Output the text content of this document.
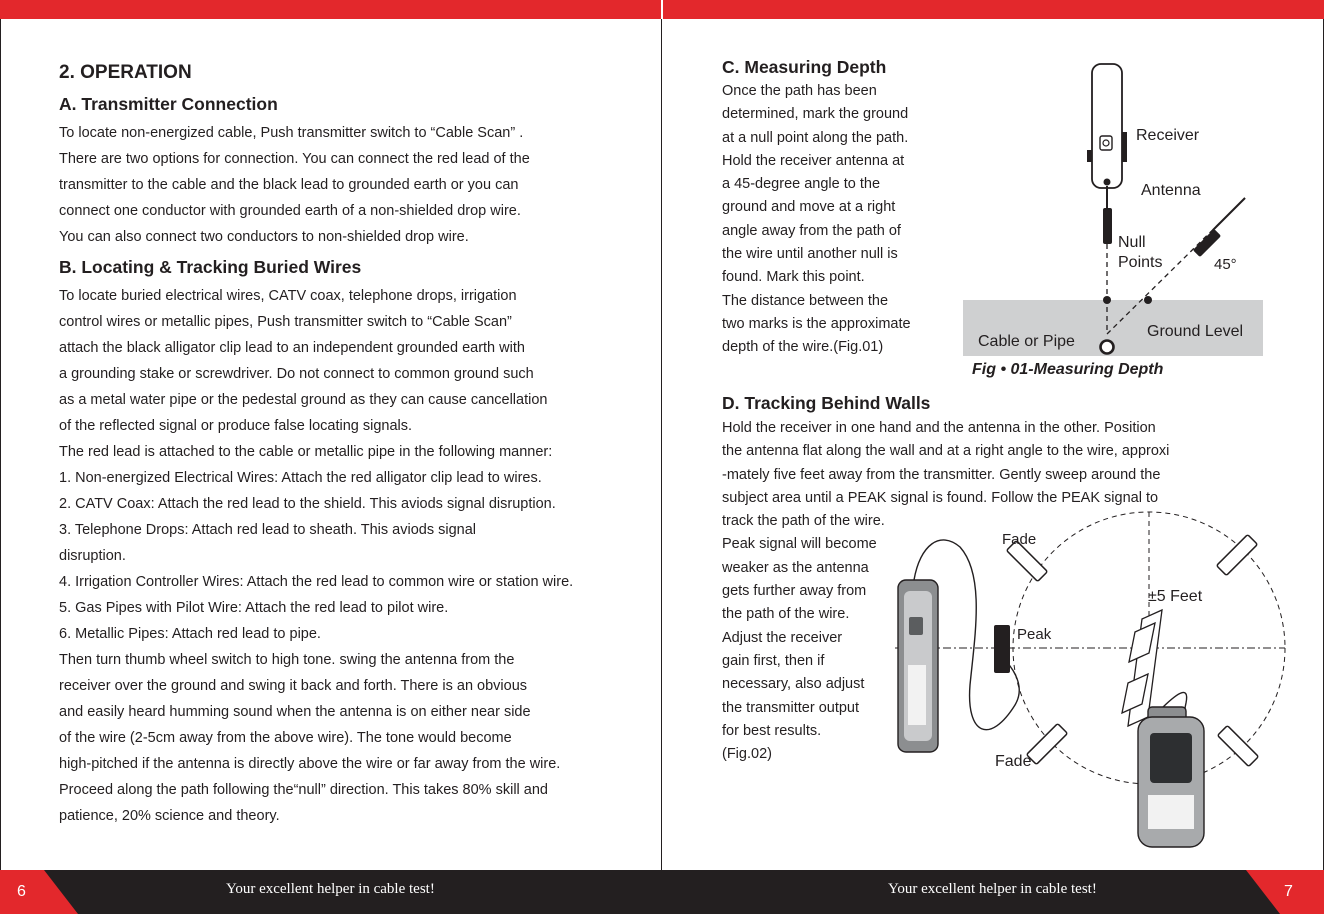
2. OPERATION
A. Transmitter Connection
To locate non-energized cable, Push transmitter switch to “Cable Scan” .
There are two options for connection. You can connect the red lead of the
transmitter to the cable and the black lead to grounded earth or you can
connect one conductor with grounded earth of a non-shielded drop wire.
You can also connect two conductors to non-shielded drop wire.
B. Locating & Tracking Buried Wires
To locate buried electrical wires, CATV coax, telephone drops, irrigation
control wires or metallic pipes, Push transmitter switch to “Cable Scan”
attach the black alligator clip lead to an independent grounded earth with
a grounding stake or screwdriver. Do not connect to common ground such
as a metal water pipe or the pedestal ground as they can cause cancellation
of the reflected signal or produce false locating signals.
The red lead is attached to the cable or metallic pipe in the following manner:
1. Non-energized Electrical Wires: Attach the red alligator clip lead to wires.
2. CATV Coax: Attach the red lead to the shield. This aviods signal disruption.
3. Telephone Drops: Attach red lead to sheath. This aviods signal
disruption.
4. Irrigation Controller Wires: Attach the red lead to common wire or station wire.
5. Gas Pipes with Pilot Wire: Attach the red lead to pilot wire.
6. Metallic Pipes: Attach red lead to pipe.
Then turn thumb wheel switch to high tone. swing the antenna from the
receiver over the ground and swing it back and forth. There is an obvious
and easily heard humming sound when the antenna is on either near side
of the wire (2-5cm away from the above wire). The tone would become
high-pitched if the antenna is directly above the wire or far away from the wire.
Proceed along the path following the“null” direction. This takes 80% skill and
patience, 20% science and theory.
C. Measuring Depth
Once the path has been
determined, mark the ground
at a null point along the path.
Hold the receiver antenna at
a 45-degree angle to the
ground and move at a right
angle away from the path of
the wire until another null is
found. Mark this point.
The distance between the
two marks is the approximate
depth of the wire.(Fig.01)
Receiver
Antenna
Null
Points	45°
Cable or Pipe
Ground Level
Fig • 01-Measuring Depth
D. Tracking Behind Walls
Hold the receiver in one hand and the antenna in the other. Position
the antenna flat along the wall and at a right angle to the wire, approxi
-mately five feet away from the transmitter. Gently sweep around the
subject area until a PEAK signal is found. Follow the PEAK signal to
track the path of the wire.
Peak signal will become
weaker as the antenna
gets further away from
the path of the wire.
Adjust the receiver
gain first, then if
necessary, also adjust
the transmitter output
for best results.
(Fig.02)
Fade
Peak
±5 Feet
Fade
6	7
Your excellent helper in cable test!	Your excellent helper in cable test!
